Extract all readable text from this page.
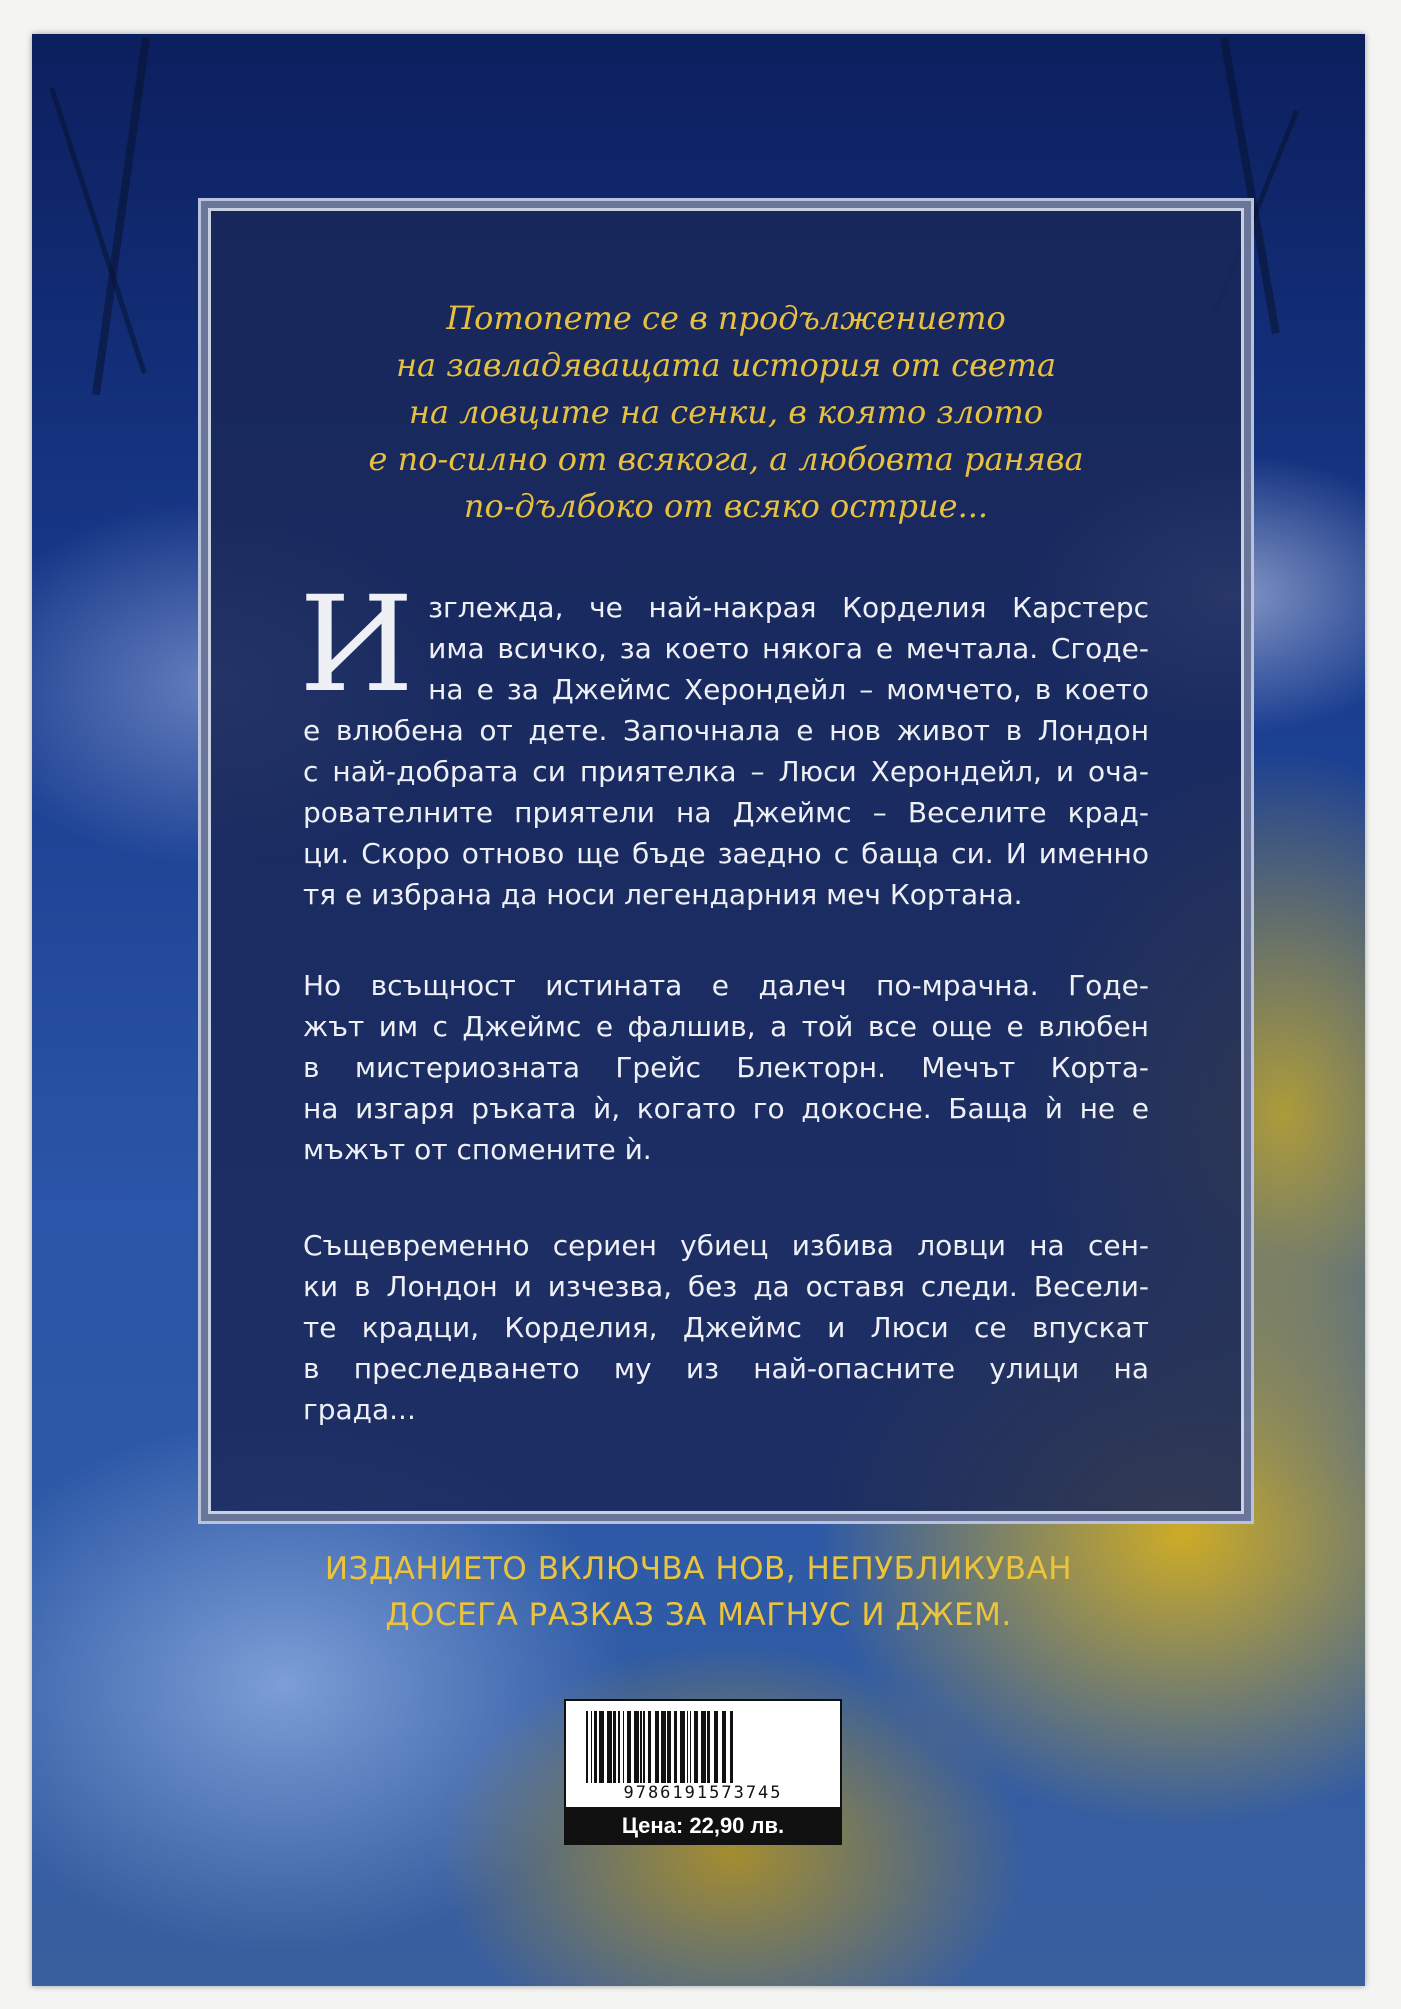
Потопете се в продължението
на завладяващата история от света
на ловците на сенки, в която злото
е по-силно от всякога, а любовта ранява
по-дълбоко от всяко острие...
И зглежда, че най-накрая Корделия Карстерс
има всичко, за което някога е мечтала. Сгоде-
на е за Джеймс Херондейл – момчето, в което
е влюбена от дете. Започнала е нов живот в Лондон
с най-добрата си приятелка – Люси Херондейл, и оча-
рователните приятели на Джеймс – Веселите крад-
ци. Скоро отново ще бъде заедно с баща си. И именно
тя е избрана да носи легендарния меч Кортана.
Но всъщност истината е далеч по-мрачна. Годе-
жът им с Джеймс е фалшив, а той все още е влюбен
в мистериозната Грейс Блекторн. Мечът Кортa-
на изгаря ръката ѝ, когато го докосне. Баща ѝ не е
мъжът от спомените ѝ.
Същевременно сериен убиец избива ловци на сен-
ки в Лондон и изчезва, без да оставя следи. Весели-
те крадци, Корделия, Джеймс и Люси се впускат
в преследването му из най-опасните улици на
града...
ИЗДАНИЕТО ВКЛЮЧВА НОВ, НЕПУБЛИКУВАН
ДОСЕГА РАЗКАЗ ЗА МАГНУС И ДЖЕМ.
9786191573745
Цена: 22,90 лв.
